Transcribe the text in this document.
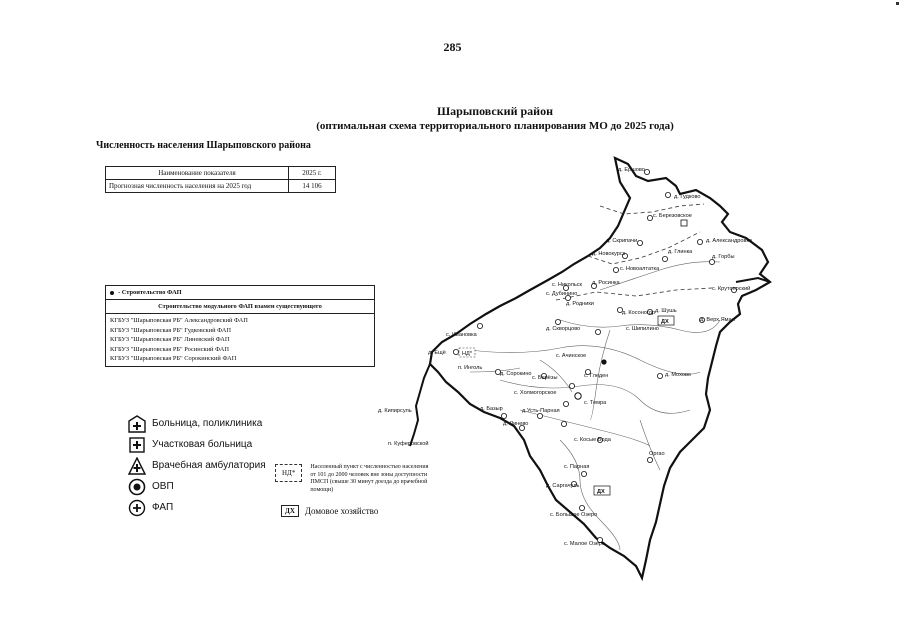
НД*
ДХ
ДХ
д. Ершово
д. Гудково
с. Березовское
д. Александровка
д. Скрипачи
д. Новокурск	д. Глинка
д. Горбы
с. Новоалтатка
с. Никольск д. Росинка
с. Дубинино
д. Родники
д. Косоногор д. Шушь
д. Верх.Ямал
с. Крутоярский
с. Ивановка
д. Скворцово	с. Шипилино
д. Ещё
п. Инголь
с. Ачинское
д. Сорокино
с. Берёзы	с. Гледен	д. Мохово
с. Холмогорское
с. Темра
д. Базыр	д.Усть-Парная
д. Линево
с. Косые Вода
д. Кипирсуль
Оргао
с. Парная
д. Саргачуль
п. Куферовской
с. Большое Озеро
с. Малое Озеро
285
Шарыповский район
(оптимальная схема территориального планирования МО до 2025 года)
Численность населения Шарыповского района
Наименование показателя	2025 г.
Прогнозная численность населения на 2025 год	14 106
- Строительство ФАП
Строительство модульного ФАП взамен существующего
КГБУЗ "Шарыповская РБ" Александровский ФАП
КГБУЗ "Шарыповская РБ" Гудковский ФАП
КГБУЗ "Шарыповская РБ" Линевский ФАП
КГБУЗ "Шарыповская РБ" Росинский ФАП
КГБУЗ "Шарыповская РБ" Сорокинский ФАП
Больница, поликлиника
Участковая больница
Врачебная амбулатория
ОВП
ФАП
НД*
Населенный пункт с численностью населения от 101 до 2000 человек вне зоны доступности ПМСП (свыше 30 минут доезда до врачебной помощи)
ДХ	Домовое хозяйство
